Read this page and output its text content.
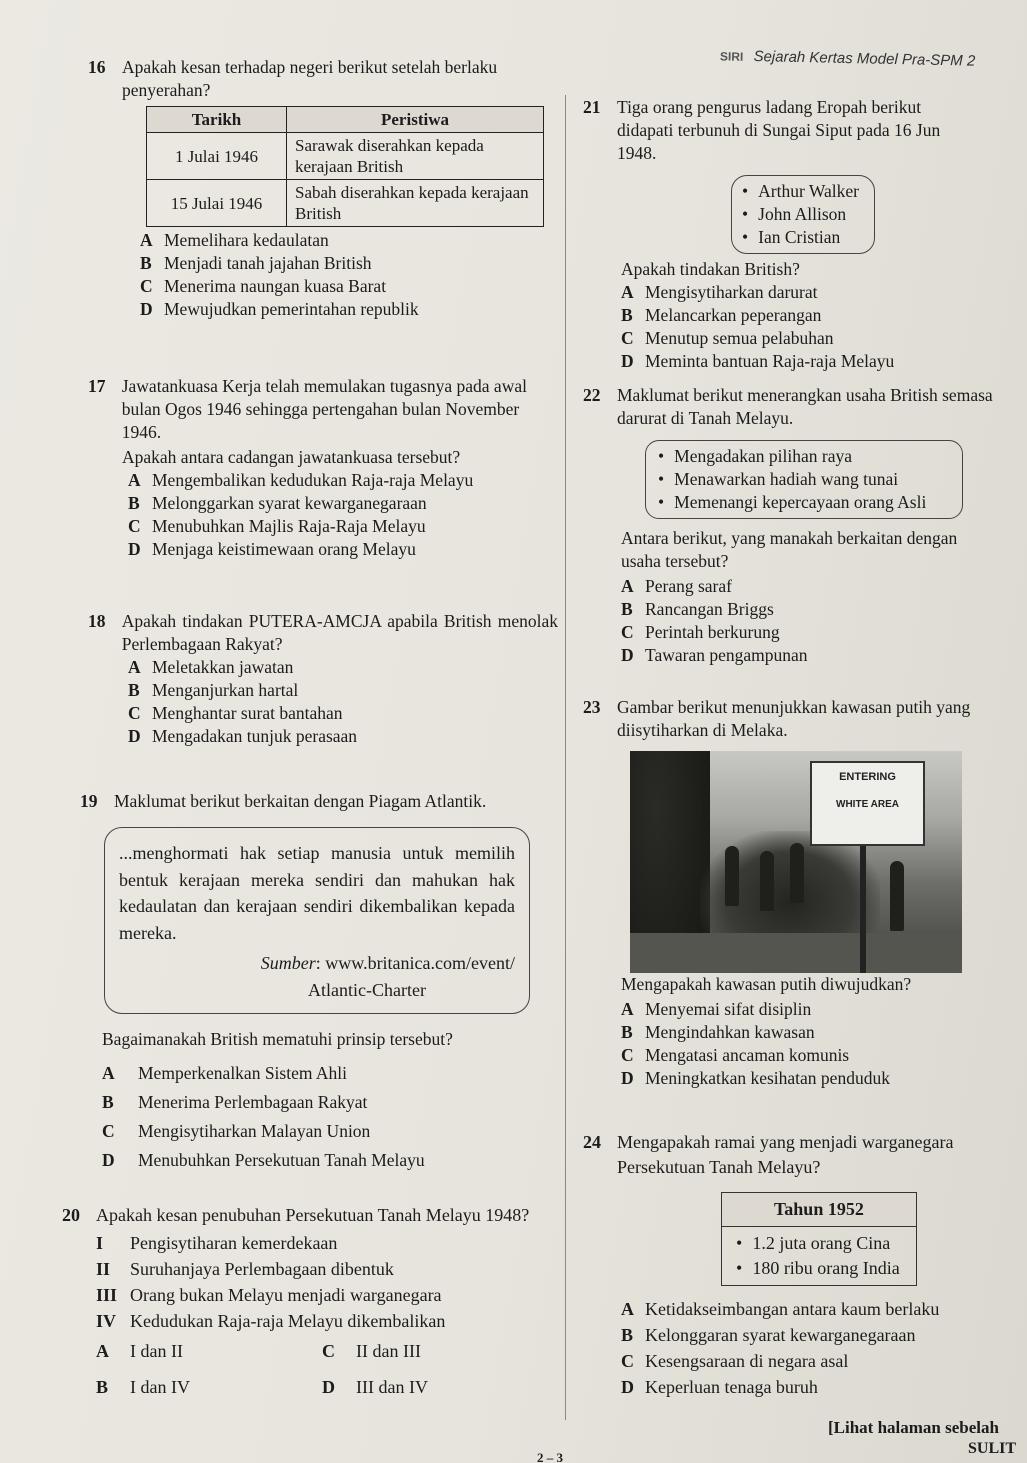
SIRI Sejarah Kertas Model Pra-SPM 2
16 Apakah kesan terhadap negeri berikut setelah berlaku penyerahan?
Tarikh	Peristiwa
1 Julai 1946	Sarawak diserahkan kepada kerajaan British
15 Julai 1946	Sabah diserahkan kepada kerajaan British
A Memelihara kedaulatan
B Menjadi tanah jajahan British
C Menerima naungan kuasa Barat
D Mewujudkan pemerintahan republik
17 Jawatankuasa Kerja telah memulakan tugasnya pada awal bulan Ogos 1946 sehingga pertengahan bulan November 1946.
Apakah antara cadangan jawatankuasa tersebut?
A Mengembalikan kedudukan Raja-raja Melayu
B Melonggarkan syarat kewarganegaraan
C Menubuhkan Majlis Raja-Raja Melayu
D Menjaga keistimewaan orang Melayu
18 Apakah tindakan PUTERA-AMCJA apabila British menolak Perlembagaan Rakyat?
A Meletakkan jawatan
B Menganjurkan hartal
C Menghantar surat bantahan
D Mengadakan tunjuk perasaan
19 Maklumat berikut berkaitan dengan Piagam Atlantik.
...menghormati hak setiap manusia untuk memilih bentuk kerajaan mereka sendiri dan mahukan hak kedaulatan dan kerajaan sendiri dikembalikan kepada mereka.
Sumber: www.britanica.com/event/
Atlantic-Charter
Bagaimanakah British mematuhi prinsip tersebut?
A	Memperkenalkan Sistem Ahli
B	Menerima Perlembagaan Rakyat
C	Mengisytiharkan Malayan Union
D	Menubuhkan Persekutuan Tanah Melayu
20 Apakah kesan penubuhan Persekutuan Tanah Melayu 1948?
I	Pengisytiharan kemerdekaan
II	Suruhanjaya Perlembagaan dibentuk
III Orang bukan Melayu menjadi warganegara
IV Kedudukan Raja-raja Melayu dikembalikan
A	I dan II	C	II dan III
B	I dan IV	D	III dan IV
21 Tiga orang pengurus ladang Eropah berikut didapati terbunuh di Sungai Siput pada 16 Jun 1948.
• Arthur Walker
• John Allison
• Ian Cristian
Apakah tindakan British?
A Mengisytiharkan darurat
B Melancarkan peperangan
C Menutup semua pelabuhan
D Meminta bantuan Raja-raja Melayu
22 Maklumat berikut menerangkan usaha British semasa darurat di Tanah Melayu.
• Mengadakan pilihan raya
• Menawarkan hadiah wang tunai
• Memenangi kepercayaan orang Asli
Antara berikut, yang manakah berkaitan dengan usaha tersebut?
A Perang saraf
B Rancangan Briggs
C Perintah berkurung
D Tawaran pengampunan
23 Gambar berikut menunjukkan kawasan putih yang diisytiharkan di Melaka.
ENTERING
WHITE AREA
Mengapakah kawasan putih diwujudkan?
A Menyemai sifat disiplin
B Mengindahkan kawasan
C Mengatasi ancaman komunis
D Meningkatkan kesihatan penduduk
24 Mengapakah ramai yang menjadi warganegara Persekutuan Tanah Melayu?
Tahun 1952
• 1.2 juta orang Cina
• 180 ribu orang India
A Ketidakseimbangan antara kaum berlaku
B Kelonggaran syarat kewarganegaraan
C Kesengsaraan di negara asal
D Keperluan tenaga buruh
[Lihat halaman sebelah
SULIT
2 – 3
